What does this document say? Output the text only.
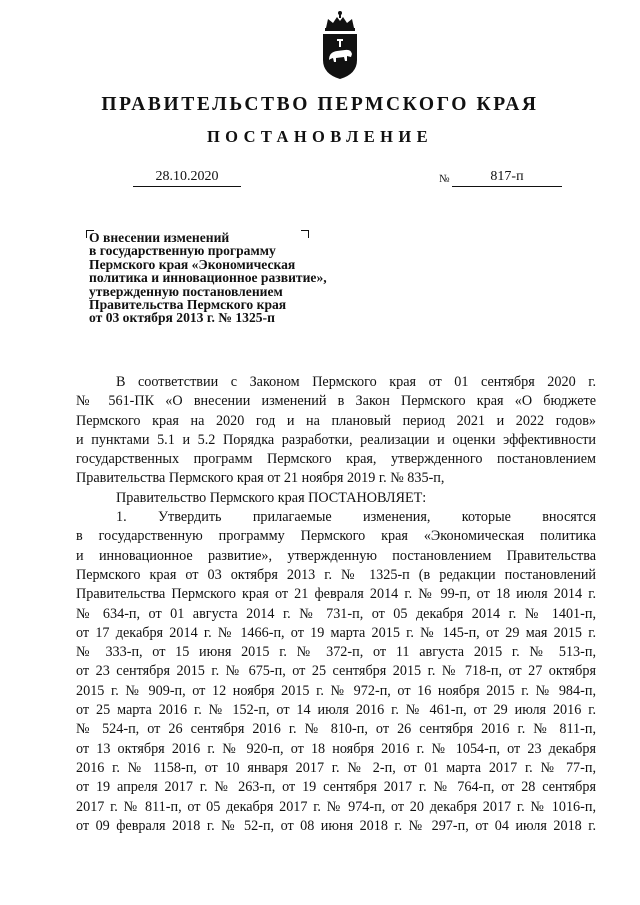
ПРАВИТЕЛЬСТВО ПЕРМСКОГО КРАЯ
ПОСТАНОВЛЕНИЕ
28.10.2020	№	817-п
О внесении изменений
в государственную программу
Пермского края «Экономическая
политика и инновационное развитие»,
утвержденную постановлением
Правительства Пермского края
от 03 октября 2013 г. № 1325-п
В соответствии с Законом Пермского края от 01 сентября 2020 г.
№ 561-ПК «О внесении изменений в Закон Пермского края «О бюджете
Пермского края на 2020 год и на плановый период 2021 и 2022 годов»
и пунктами 5.1 и 5.2 Порядка разработки, реализации и оценки эффективности
государственных программ Пермского края, утвержденного постановлением
Правительства Пермского края от 21 ноября 2019 г. № 835-п,
Правительство Пермского края ПОСТАНОВЛЯЕТ:
1. Утвердить прилагаемые изменения, которые вносятся
в государственную программу Пермского края «Экономическая политика
и инновационное развитие», утвержденную постановлением Правительства
Пермского края от 03 октября 2013 г. № 1325-п (в редакции постановлений
Правительства Пермского края от 21 февраля 2014 г. № 99-п, от 18 июля 2014 г.
№ 634-п, от 01 августа 2014 г. № 731-п, от 05 декабря 2014 г. № 1401-п,
от 17 декабря 2014 г. № 1466-п, от 19 марта 2015 г. № 145-п, от 29 мая 2015 г.
№ 333-п, от 15 июня 2015 г. № 372-п, от 11 августа 2015 г. № 513-п,
от 23 сентября 2015 г. № 675-п, от 25 сентября 2015 г. № 718-п, от 27 октября
2015 г. № 909-п, от 12 ноября 2015 г. № 972-п, от 16 ноября 2015 г. № 984-п,
от 25 марта 2016 г. № 152-п, от 14 июля 2016 г. № 461-п, от 29 июля 2016 г.
№ 524-п, от 26 сентября 2016 г. № 810-п, от 26 сентября 2016 г. № 811-п,
от 13 октября 2016 г. № 920-п, от 18 ноября 2016 г. № 1054-п, от 23 декабря
2016 г. № 1158-п, от 10 января 2017 г. № 2-п, от 01 марта 2017 г. № 77-п,
от 19 апреля 2017 г. № 263-п, от 19 сентября 2017 г. № 764-п, от 28 сентября
2017 г. № 811-п, от 05 декабря 2017 г. № 974-п, от 20 декабря 2017 г. № 1016-п,
от 09 февраля 2018 г. № 52-п, от 08 июня 2018 г. № 297-п, от 04 июля 2018 г.
